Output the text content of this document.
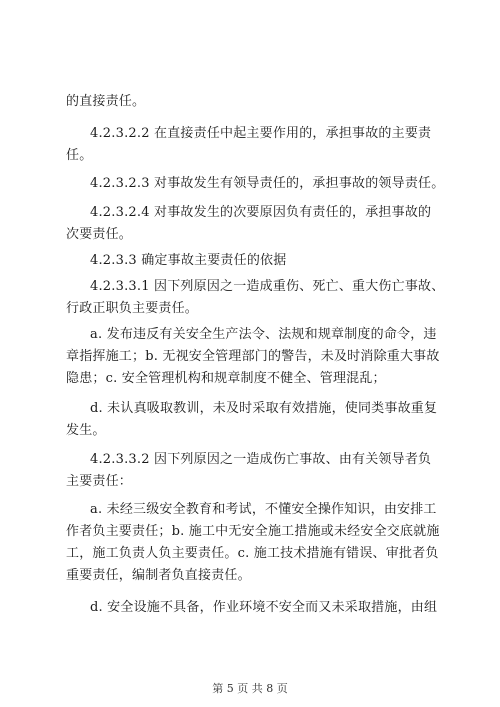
的直接责任。
4.2.3.2.2 在直接责任中起主要作用的，承担事故的主要责
任。
4.2.3.2.3 对事故发生有领导责任的，承担事故的领导责任。
4.2.3.2.4 对事故发生的次要原因负有责任的，承担事故的
次要责任。
4.2.3.3 确定事故主要责任的依据
4.2.3.3.1 因下列原因之一造成重伤、死亡、重大伤亡事故、
行政正职负主要责任。
a. 发布违反有关安全生产法令、法规和规章制度的命令，违
章指挥施工；b. 无视安全管理部门的警告，未及时消除重大事故
隐患；c. 安全管理机构和规章制度不健全、管理混乱；
d. 未认真吸取教训，未及时采取有效措施，使同类事故重复
发生。
4.2.3.3.2 因下列原因之一造成伤亡事故、由有关领导者负
主要责任：
a. 未经三级安全教育和考试，不懂安全操作知识，由安排工
作者负主要责任；b. 施工中无安全施工措施或未经安全交底就施
工，施工负责人负主要责任。c. 施工技术措施有错误、审批者负
重要责任，编制者负直接责任。
d. 安全设施不具备，作业环境不安全而又未采取措施，由组
第 5 页 共 8 页
